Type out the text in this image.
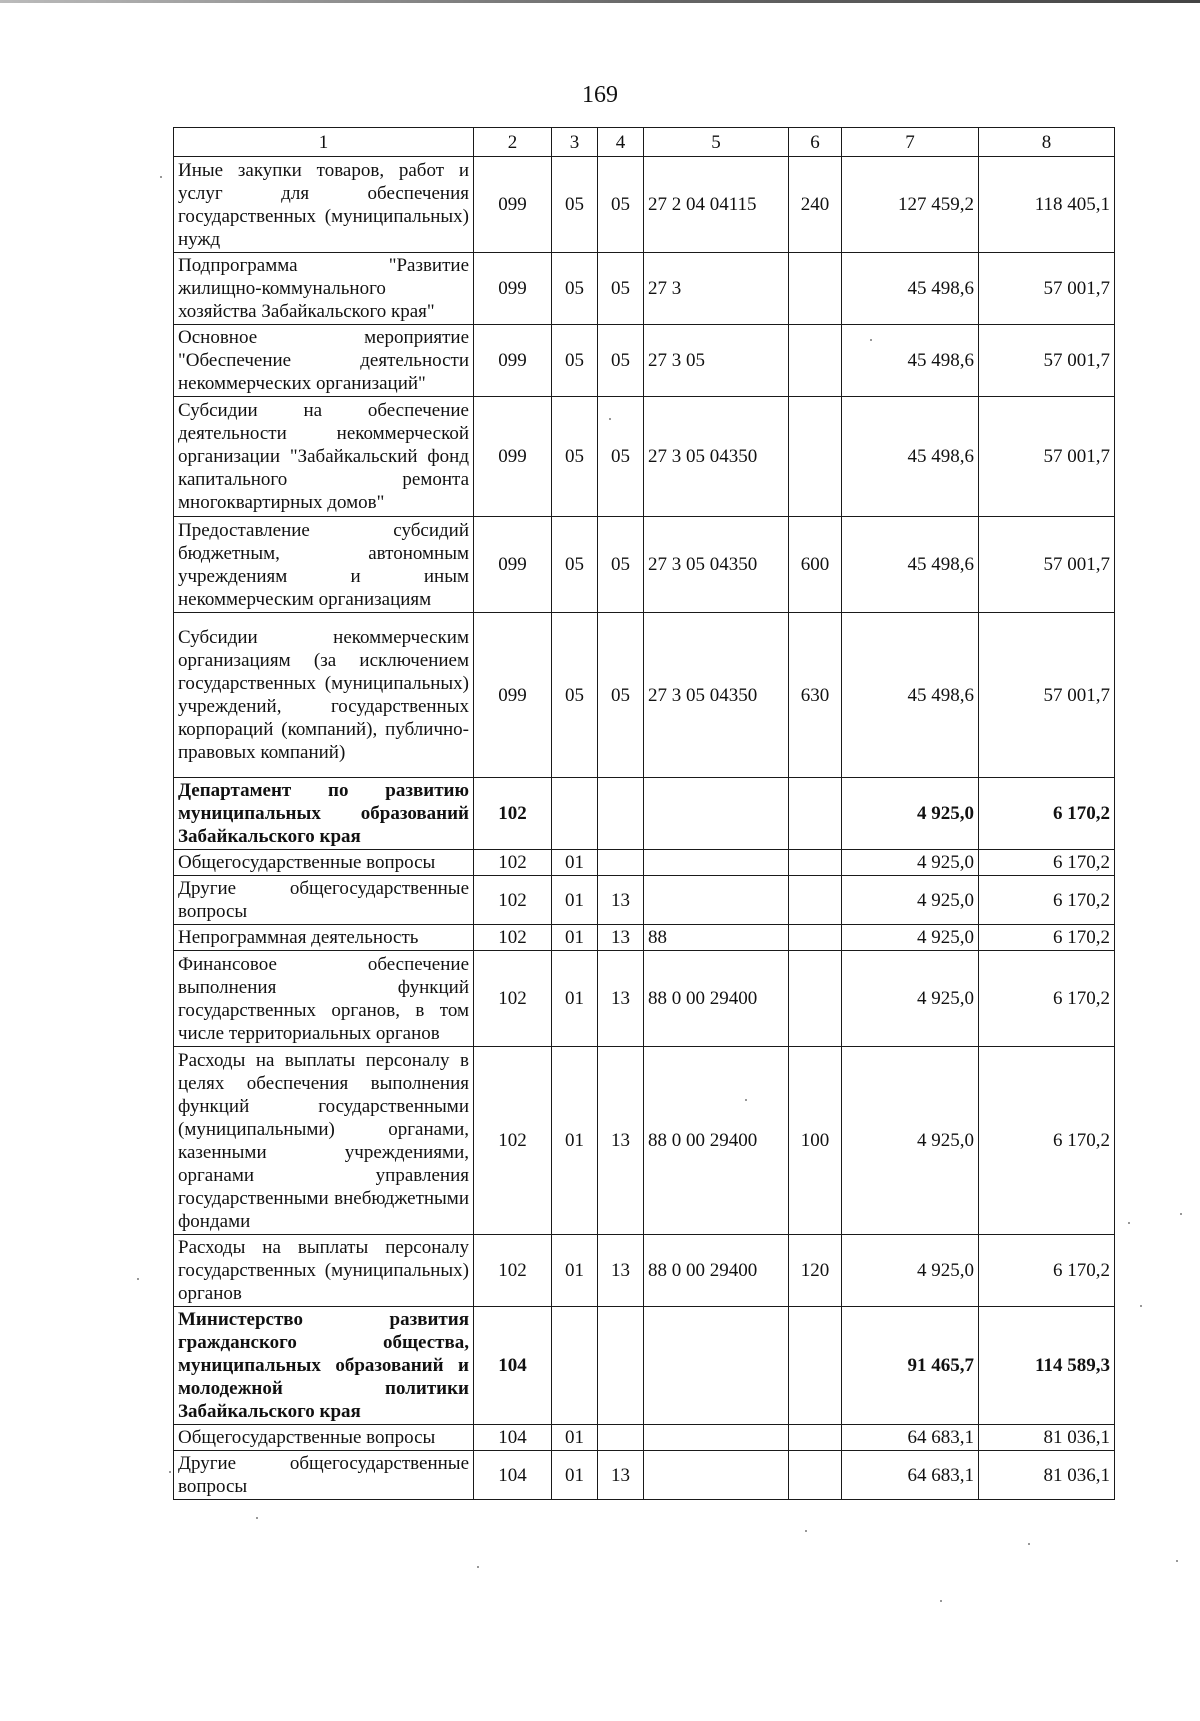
169
1	2	3	4	5	6	7	8
Иные закупки товаров, работ и услуг для обеспечения государственных (муниципальных) нужд	099	05	05	27 2 04 04115	240	127 459,2	118 405,1
Подпрограмма "Развитие жилищно-коммунального хозяйства Забайкальского края"	099	05	05	27 3		45 498,6	57 001,7
Основное мероприятие "Обеспечение деятельности некоммерческих организаций"	099	05	05	27 3 05		45 498,6	57 001,7
Субсидии на обеспечение деятельности некоммерческой организации "Забайкальский фонд капитального ремонта многоквартирных домов"	099	05	05	27 3 05 04350		45 498,6	57 001,7
Предоставление субсидий бюджетным, автономным учреждениям и иным некоммерческим организациям	099	05	05	27 3 05 04350	600	45 498,6	57 001,7
Субсидии некоммерческим организациям (за исключением государственных (муниципальных) учреждений, государственных корпораций (компаний), публично-правовых компаний)	099	05	05	27 3 05 04350	630	45 498,6	57 001,7
Департамент по развитию муниципальных образований Забайкальского края	102					4 925,0	6 170,2
Общегосударственные вопросы	102	01				4 925,0	6 170,2
Другие общегосударственные вопросы	102	01	13			4 925,0	6 170,2
Непрограммная деятельность	102	01	13	88		4 925,0	6 170,2
Финансовое обеспечение выполнения функций государственных органов, в том числе территориальных органов	102	01	13	88 0 00 29400		4 925,0	6 170,2
Расходы на выплаты персоналу в целях обеспечения выполнения функций государственными (муниципальными) органами, казенными учреждениями, органами управления государственными внебюджетными фондами	102	01	13	88 0 00 29400	100	4 925,0	6 170,2
Расходы на выплаты персоналу государственных (муниципальных) органов	102	01	13	88 0 00 29400	120	4 925,0	6 170,2
Министерство развития гражданского общества, муниципальных образований и молодежной политики Забайкальского края	104					91 465,7	114 589,3
Общегосударственные вопросы	104	01				64 683,1	81 036,1
Другие общегосударственные вопросы	104	01	13			64 683,1	81 036,1
